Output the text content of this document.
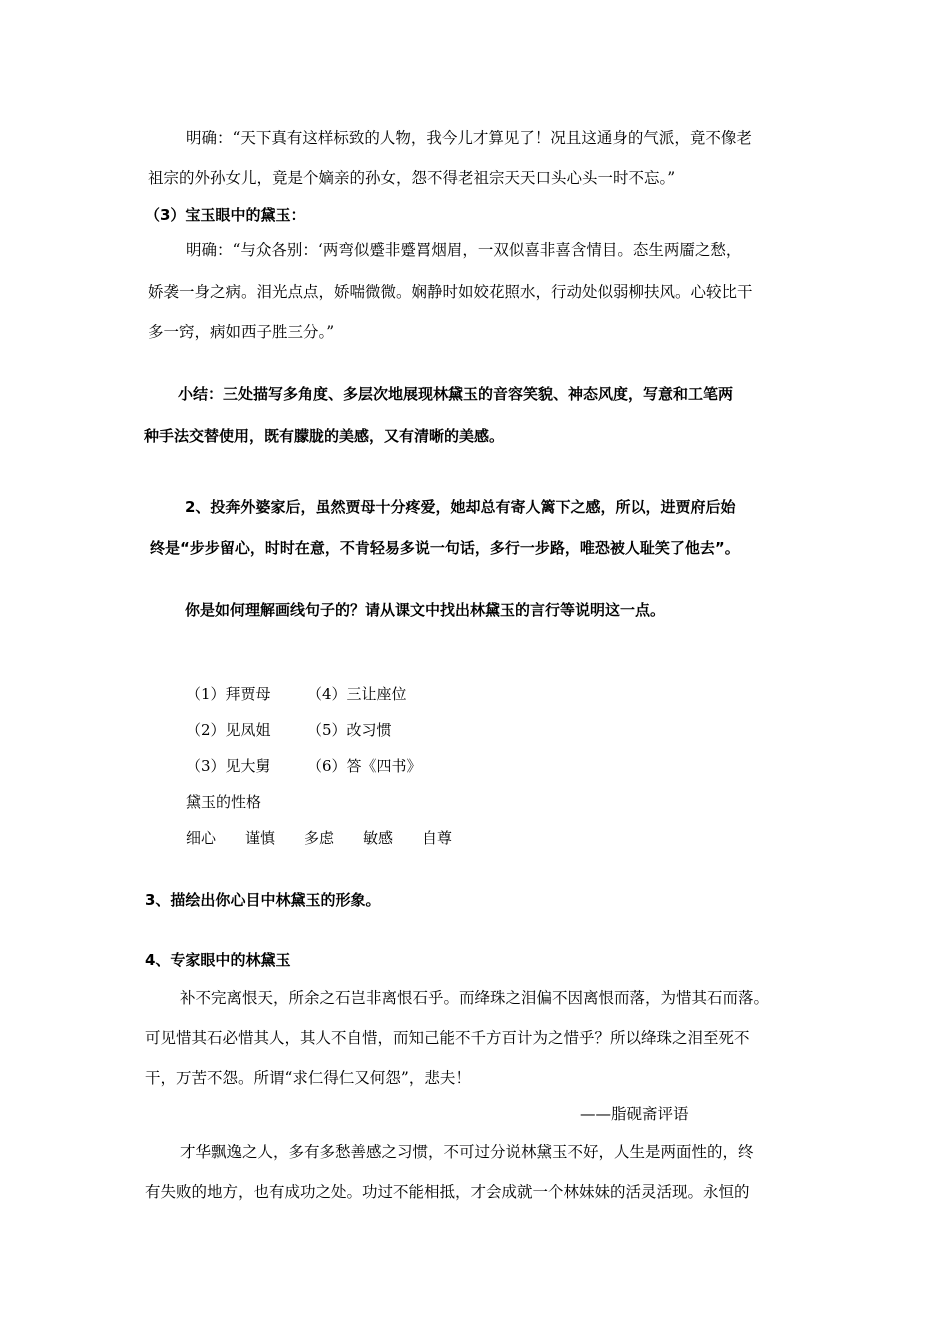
明确：“天下真有这样标致的人物，我今儿才算见了！况且这通身的气派，竟不像老
祖宗的外孙女儿，竟是个嫡亲的孙女，怨不得老祖宗天天口头心头一时不忘。”
（3）宝玉眼中的黛玉：
明确：“与众各别：‘两弯似蹙非蹙罥烟眉，一双似喜非喜含情目。态生两靥之愁，
娇袭一身之病。泪光点点，娇喘微微。娴静时如姣花照水，行动处似弱柳扶风。心较比干
多一窍，病如西子胜三分。”
小结：三处描写多角度、多层次地展现林黛玉的音容笑貌、神态风度，写意和工笔两
种手法交替使用，既有朦胧的美感，又有清晰的美感。
2、投奔外婆家后，虽然贾母十分疼爱，她却总有寄人篱下之感，所以，进贾府后始
终是“步步留心，时时在意，不肯轻易多说一句话，多行一步路，唯恐被人耻笑了他去”。
你是如何理解画线句子的？请从课文中找出林黛玉的言行等说明这一点。
（1）拜贾母 （4）三让座位
（2）见凤姐 （5）改习惯
（3）见大舅 （6）答《四书》
黛玉的性格
细心 谨慎 多虑 敏感 自尊
3、描绘出你心目中林黛玉的形象。
4、专家眼中的林黛玉
补不完离恨天，所余之石岂非离恨石乎。而绛珠之泪偏不因离恨而落，为惜其石而落。
可见惜其石必惜其人，其人不自惜，而知己能不千方百计为之惜乎？所以绛珠之泪至死不
干，万苦不怨。所谓“求仁得仁又何怨”，悲夫！
——脂砚斋评语
才华飘逸之人，多有多愁善感之习惯，不可过分说林黛玉不好，人生是两面性的，终
有失败的地方，也有成功之处。功过不能相抵，才会成就一个林妹妹的活灵活现。永恒的
